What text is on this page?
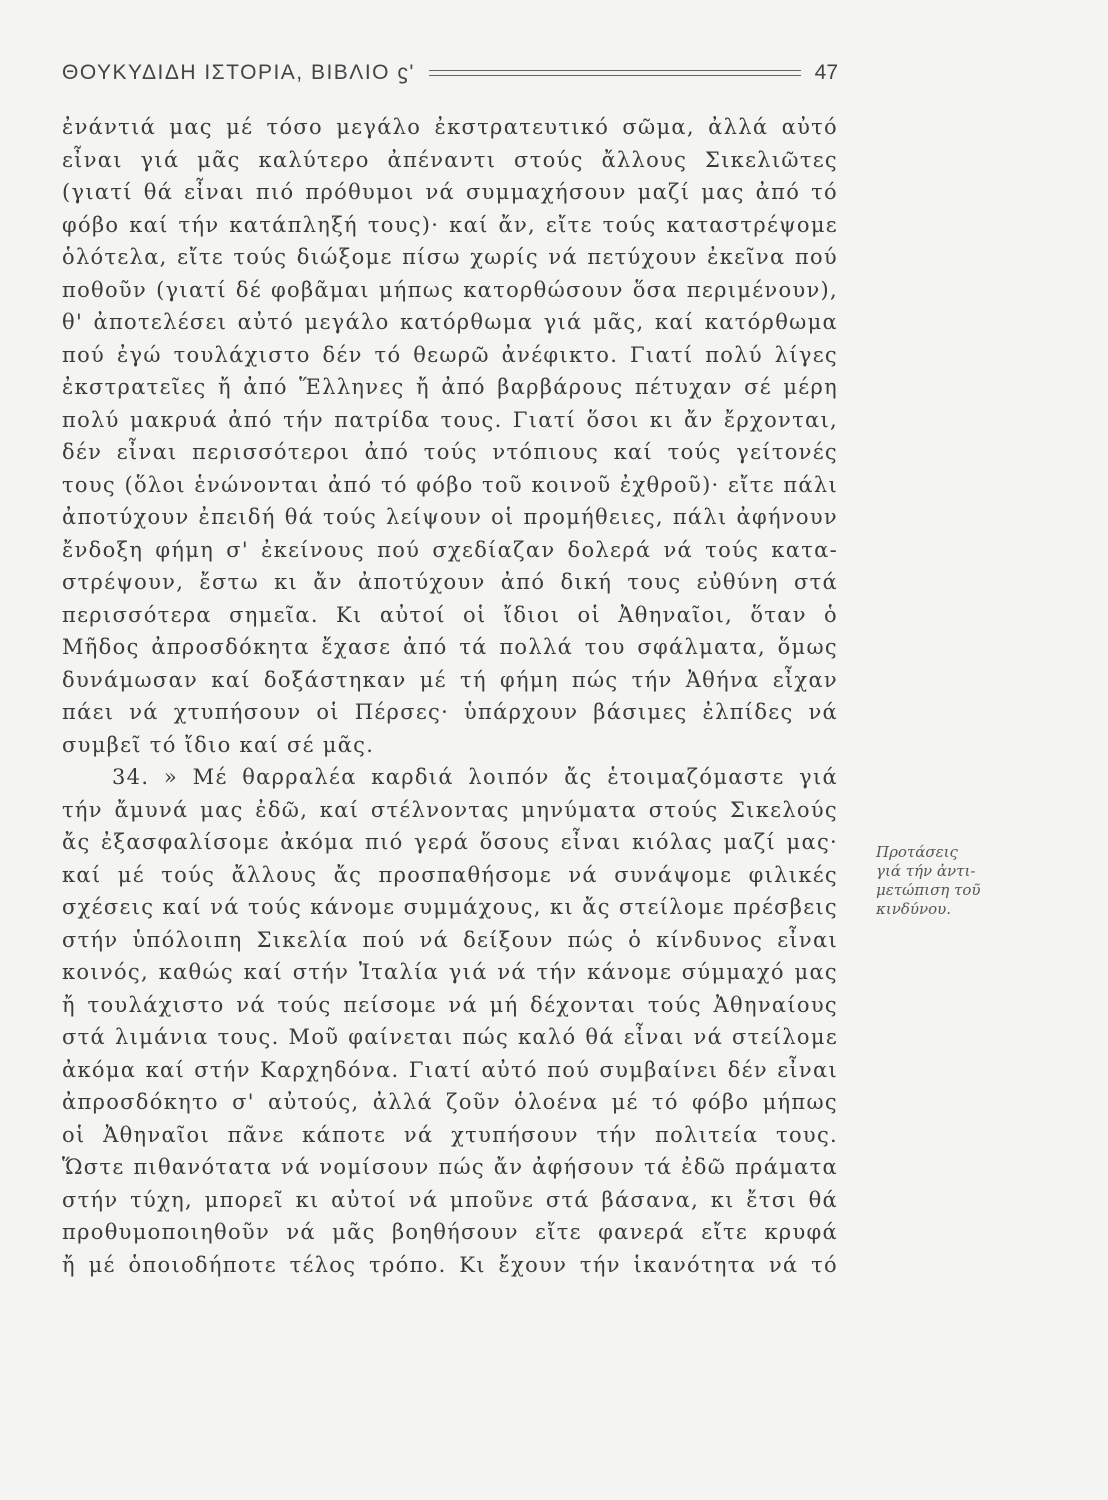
ΘΟΥΚΥΔΙΔΗ ΙΣΤΟΡΙΑ, ΒΙΒΛΙΟ ϛ'	47
ἐνάντιά μας μέ τόσο μεγάλο ἐκστρατευτικό σῶμα, ἀλλά αὐτό
εἶναι γιά μᾶς καλύτερο ἀπέναντι στούς ἄλλους Σικελιῶτες
(γιατί θά εἶναι πιό πρόθυμοι νά συμμαχήσουν μαζί μας ἀπό τό
φόβο καί τήν κατάπληξή τους)· καί ἄν, εἴτε τούς καταστρέψομε
ὁλότελα, εἴτε τούς διώξομε πίσω χωρίς νά πετύχουν ἐκεῖνα πού
ποθοῦν (γιατί δέ φοβᾶμαι μήπως κατορθώσουν ὅσα περιμένουν),
θ' ἀποτελέσει αὐτό μεγάλο κατόρθωμα γιά μᾶς, καί κατόρθωμα
πού ἐγώ τουλάχιστο δέν τό θεωρῶ ἀνέφικτο. Γιατί πολύ λίγες
ἐκστρατεῖες ἤ ἀπό Ἕλληνες ἤ ἀπό βαρβάρους πέτυχαν σέ μέρη
πολύ μακρυά ἀπό τήν πατρίδα τους. Γιατί ὅσοι κι ἄν ἔρχονται,
δέν εἶναι περισσότεροι ἀπό τούς ντόπιους καί τούς γείτονές
τους (ὅλοι ἑνώνονται ἀπό τό φόβο τοῦ κοινοῦ ἐχθροῦ)· εἴτε πάλι
ἀποτύχουν ἐπειδή θά τούς λείψουν οἱ προμήθειες, πάλι ἀφήνουν
ἔνδοξη φήμη σ' ἐκείνους πού σχεδίαζαν δολερά νά τούς κατα-
στρέψουν, ἔστω κι ἄν ἀποτύχουν ἀπό δική τους εὐθύνη στά
περισσότερα σημεῖα. Κι αὐτοί οἱ ἴδιοι οἱ Ἀθηναῖοι, ὅταν ὁ
Μῆδος ἀπροσδόκητα ἔχασε ἀπό τά πολλά του σφάλματα, ὅμως
δυνάμωσαν καί δοξάστηκαν μέ τή φήμη πώς τήν Ἀθήνα εἶχαν
πάει νά χτυπήσουν οἱ Πέρσες· ὑπάρχουν βάσιμες ἐλπίδες νά
συμβεῖ τό ἴδιο καί σέ μᾶς.
34. » Μέ θαρραλέα καρδιά λοιπόν ἄς ἑτοιμαζόμαστε γιά
τήν ἄμυνά μας ἐδῶ, καί στέλνοντας μηνύματα στούς Σικελούς
ἄς ἐξασφαλίσομε ἀκόμα πιό γερά ὅσους εἶναι κιόλας μαζί μας·
καί μέ τούς ἄλλους ἄς προσπαθήσομε νά συνάψομε φιλικές
σχέσεις καί νά τούς κάνομε συμμάχους, κι ἄς στείλομε πρέσβεις
στήν ὑπόλοιπη Σικελία πού νά δείξουν πώς ὁ κίνδυνος εἶναι
κοινός, καθώς καί στήν Ἰταλία γιά νά τήν κάνομε σύμμαχό μας
ἤ τουλάχιστο νά τούς πείσομε νά μή δέχονται τούς Ἀθηναίους
στά λιμάνια τους. Μοῦ φαίνεται πώς καλό θά εἶναι νά στείλομε
ἀκόμα καί στήν Καρχηδόνα. Γιατί αὐτό πού συμβαίνει δέν εἶναι
ἀπροσδόκητο σ' αὐτούς, ἀλλά ζοῦν ὁλοένα μέ τό φόβο μήπως
οἱ Ἀθηναῖοι πᾶνε κάποτε νά χτυπήσουν τήν πολιτεία τους.
Ὥστε πιθανότατα νά νομίσουν πώς ἄν ἀφήσουν τά ἐδῶ πράματα
στήν τύχη, μπορεῖ κι αὐτοί νά μποῦνε στά βάσανα, κι ἔτσι θά
προθυμοποιηθοῦν νά μᾶς βοηθήσουν εἴτε φανερά εἴτε κρυφά
ἤ μέ ὁποιοδήποτε τέλος τρόπο. Κι ἔχουν τήν ἱκανότητα νά τό
Προτάσεις
γιά τήν ἀντι-
μετώπιση τοῦ
κινδύνου.
